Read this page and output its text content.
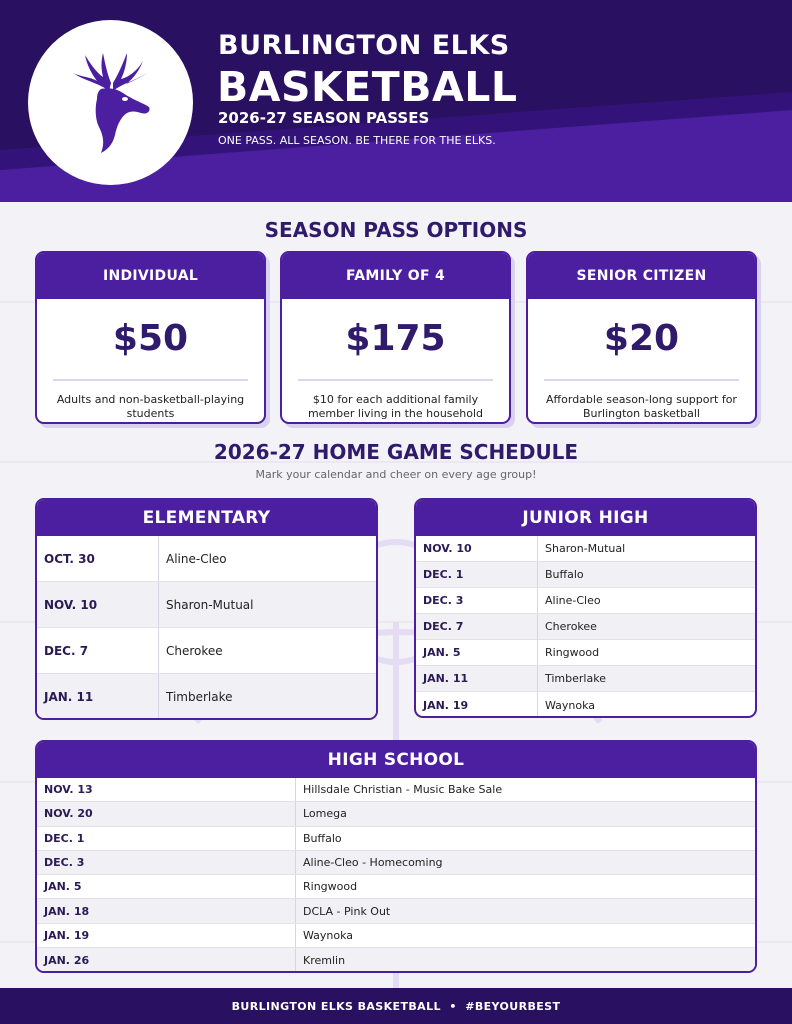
BURLINGTON ELKS
BASKETBALL
2026-27 SEASON PASSES
ONE PASS. ALL SEASON. BE THERE FOR THE ELKS.
SEASON PASS OPTIONS
INDIVIDUAL
$50
Adults and non-basketball-playing students
FAMILY OF 4
$175
$10 for each additional family member living in the household
SENIOR CITIZEN
$20
Affordable season-long support for Burlington basketball
2026-27 HOME GAME SCHEDULE
Mark your calendar and cheer on every age group!
ELEMENTARY
OCT. 30	Aline-Cleo
NOV. 10	Sharon-Mutual
DEC. 7	Cherokee
JAN. 11	Timberlake
JUNIOR HIGH
NOV. 10	Sharon-Mutual
DEC. 1	Buffalo
DEC. 3	Aline-Cleo
DEC. 7	Cherokee
JAN. 5	Ringwood
JAN. 11	Timberlake
JAN. 19	Waynoka
HIGH SCHOOL
NOV. 13	Hillsdale Christian - Music Bake Sale
NOV. 20	Lomega
DEC. 1	Buffalo
DEC. 3	Aline-Cleo - Homecoming
JAN. 5	Ringwood
JAN. 18	DCLA - Pink Out
JAN. 19	Waynoka
JAN. 26	Kremlin
BURLINGTON ELKS BASKETBALL  •  #BEYOURBEST
